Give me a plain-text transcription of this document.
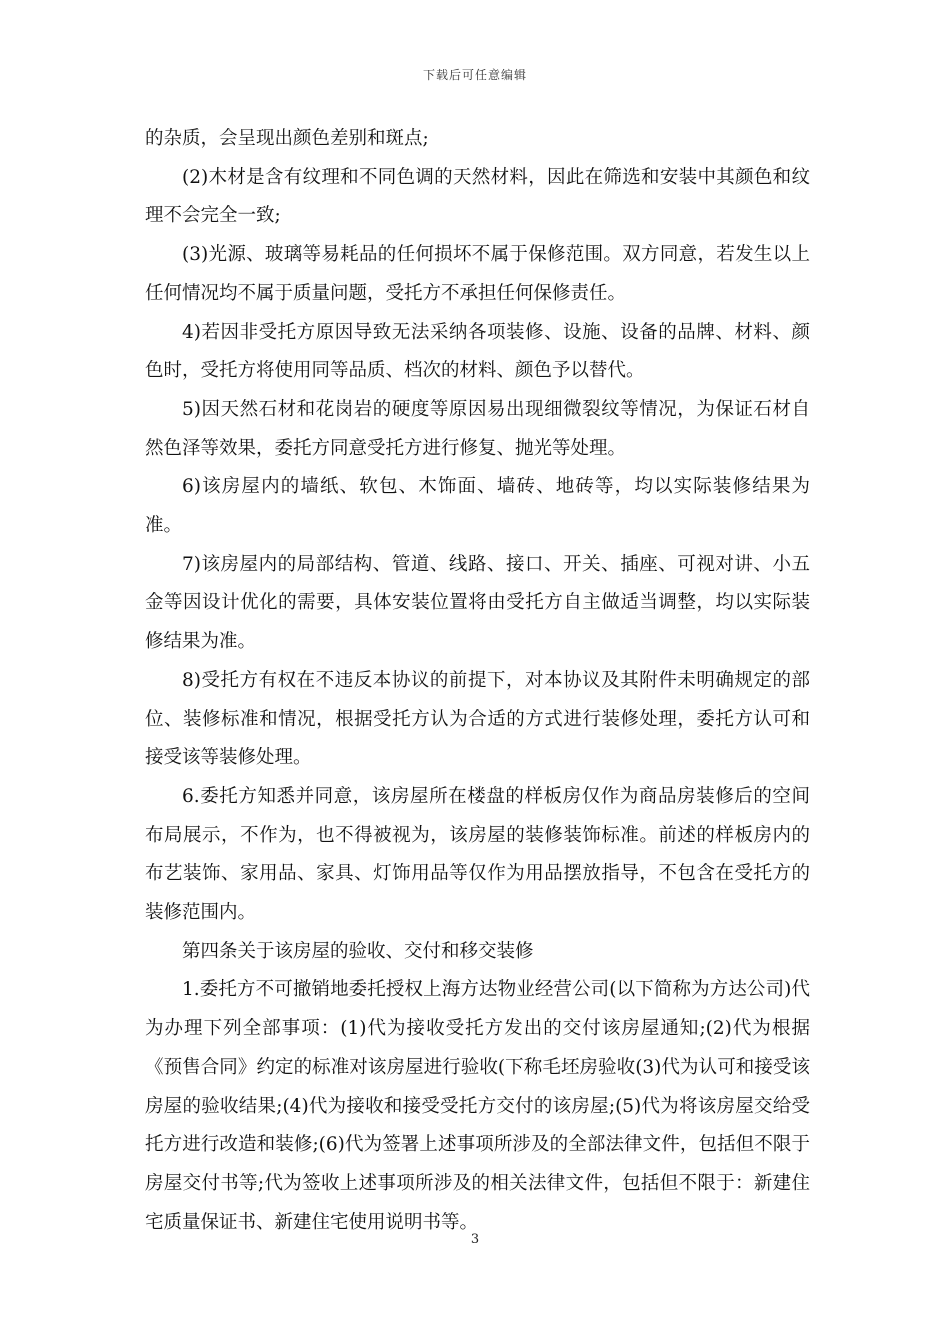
下载后可任意编辑

的杂质，会呈现出颜色差别和斑点;

(2)木材是含有纹理和不同色调的天然材料，因此在筛选和安装中其颜色和纹理不会完全一致;

(3)光源、玻璃等易耗品的任何损坏不属于保修范围。双方同意，若发生以上任何情况均不属于质量问题，受托方不承担任何保修责任。

4)若因非受托方原因导致无法采纳各项装修、设施、设备的品牌、材料、颜色时，受托方将使用同等品质、档次的材料、颜色予以替代。

5)因天然石材和花岗岩的硬度等原因易出现细微裂纹等情况，为保证石材自然色泽等效果，委托方同意受托方进行修复、抛光等处理。

6)该房屋内的墙纸、软包、木饰面、墙砖、地砖等，均以实际装修结果为准。

7)该房屋内的局部结构、管道、线路、接口、开关、插座、可视对讲、小五金等因设计优化的需要，具体安装位置将由受托方自主做适当调整，均以实际装修结果为准。

8)受托方有权在不违反本协议的前提下，对本协议及其附件未明确规定的部位、装修标准和情况，根据受托方认为合适的方式进行装修处理，委托方认可和接受该等装修处理。

6.委托方知悉并同意，该房屋所在楼盘的样板房仅作为商品房装修后的空间布局展示，不作为，也不得被视为，该房屋的装修装饰标准。前述的样板房内的布艺装饰、家用品、家具、灯饰用品等仅作为用品摆放指导，不包含在受托方的装修范围内。

第四条关于该房屋的验收、交付和移交装修

1.委托方不可撤销地委托授权上海方达物业经营公司(以下简称为方达公司)代为办理下列全部事项：(1)代为接收受托方发出的交付该房屋通知;(2)代为根据《预售合同》约定的标准对该房屋进行验收(下称毛坯房验收(3)代为认可和接受该房屋的验收结果;(4)代为接收和接受受托方交付的该房屋;(5)代为将该房屋交给受托方进行改造和装修;(6)代为签署上述事项所涉及的全部法律文件，包括但不限于房屋交付书等;代为签收上述事项所涉及的相关法律文件，包括但不限于：新建住宅质量保证书、新建住宅使用说明书等。

3
